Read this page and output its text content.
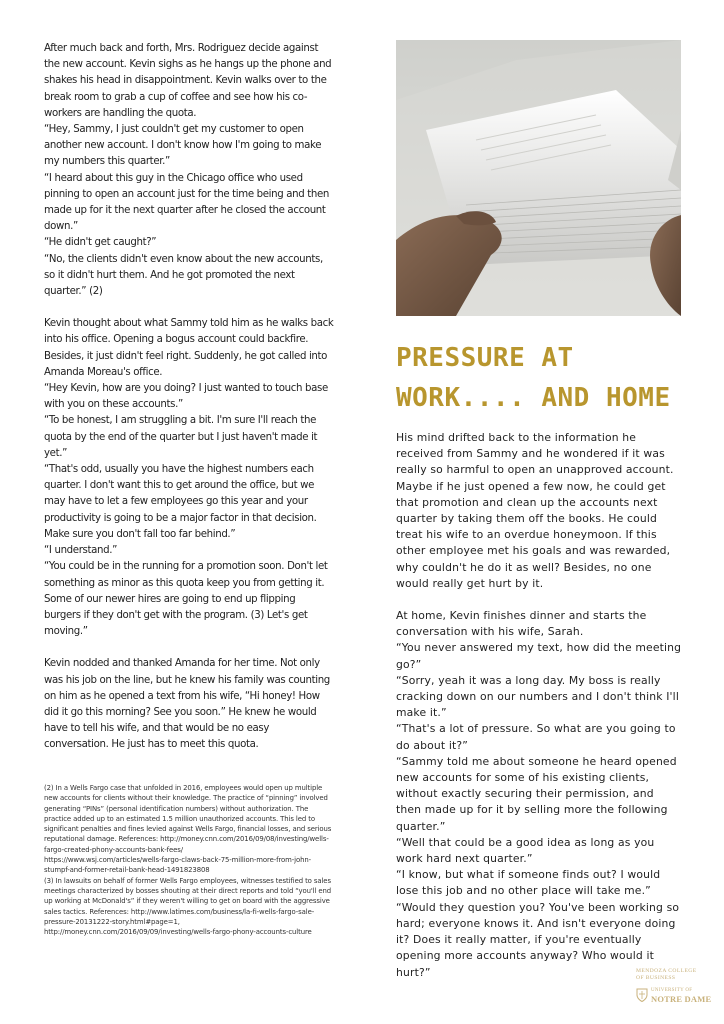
After much back and forth, Mrs. Rodriguez decide against the new account. Kevin sighs as he hangs up the phone and shakes his head in disappointment. Kevin walks over to the break room to grab a cup of coffee and see how his co-workers are handling the quota.

“Hey, Sammy, I just couldn't get my customer to open another new account. I don't know how I'm going to make my numbers this quarter.”

“I heard about this guy in the Chicago office who used pinning to open an account just for the time being and then made up for it the next quarter after he closed the account down.”

“He didn't get caught?”

“No, the clients didn't even know about the new accounts, so it didn't hurt them. And he got promoted the next quarter.” (2)

Kevin thought about what Sammy told him as he walks back into his office. Opening a bogus account could backfire. Besides, it just didn't feel right. Suddenly, he got called into Amanda Moreau's office.

“Hey Kevin, how are you doing? I just wanted to touch base with you on these accounts.”

“To be honest, I am struggling a bit. I'm sure I'll reach the quota by the end of the quarter but I just haven't made it yet.”

“That's odd, usually you have the highest numbers each quarter. I don't want this to get around the office, but we may have to let a few employees go this year and your productivity is going to be a major factor in that decision. Make sure you don't fall too far behind.”

“I understand.”

“You could be in the running for a promotion soon. Don't let something as minor as this quota keep you from getting it. Some of our newer hires are going to end up flipping burgers if they don't get with the program. (3) Let's get moving.”

Kevin nodded and thanked Amanda for her time. Not only was his job on the line, but he knew his family was counting on him as he opened a text from his wife, “Hi honey! How did it go this morning? See you soon.” He knew he would have to tell his wife, and that would be no easy conversation. He just has to meet this quota.

(2) In a Wells Fargo case that unfolded in 2016, employees would open up multiple new accounts for clients without their knowledge. The practice of “pinning” involved generating “PINs” (personal identification numbers) without authorization. The practice added up to an estimated 1.5 million unauthorized accounts. This led to significant penalties and fines levied against Wells Fargo, financial losses, and serious reputational damage. References: http://money.cnn.com/2016/09/08/investing/wells-fargo-created-phony-accounts-bank-fees/

https://www.wsj.com/articles/wells-fargo-claws-back-75-million-more-from-john-stumpf-and-former-retail-bank-head-1491823808

(3) In lawsuits on behalf of former Wells Fargo employees, witnesses testified to sales meetings characterized by bosses shouting at their direct reports and told “you'll end up working at McDonald's” if they weren't willing to get on board with the aggressive sales tactics. References: http://www.latimes.com/business/la-fi-wells-fargo-sale-pressure-20131222-story.html#page=1,

http://money.cnn.com/2016/09/09/investing/wells-fargo-phony-accounts-culture

PRESSURE AT
WORK.... AND HOME

His mind drifted back to the information he received from Sammy and he wondered if it was really so harmful to open an unapproved account. Maybe if he just opened a few now, he could get that promotion and clean up the accounts next quarter by taking them off the books. He could treat his wife to an overdue honeymoon. If this other employee met his goals and was rewarded, why couldn't he do it as well? Besides, no one would really get hurt by it.

At home, Kevin finishes dinner and starts the conversation with his wife, Sarah.

“You never answered my text, how did the meeting go?”

“Sorry, yeah it was a long day. My boss is really cracking down on our numbers and I don't think I'll make it.”

“That's a lot of pressure. So what are you going to do about it?”

“Sammy told me about someone he heard opened new accounts for some of his existing clients, without exactly securing their permission, and then made up for it by selling more the following quarter.”

“Well that could be a good idea as long as you work hard next quarter.”

“I know, but what if someone finds out? I would lose this job and no other place will take me.”

“Would they question you? You've been working so hard; everyone knows it. And isn't everyone doing it? Does it really matter, if you're eventually opening more accounts anyway? Who would it hurt?”	MENDOZA COLLEGE
OF BUSINESS
UNIVERSITY OF
NOTRE DAME
